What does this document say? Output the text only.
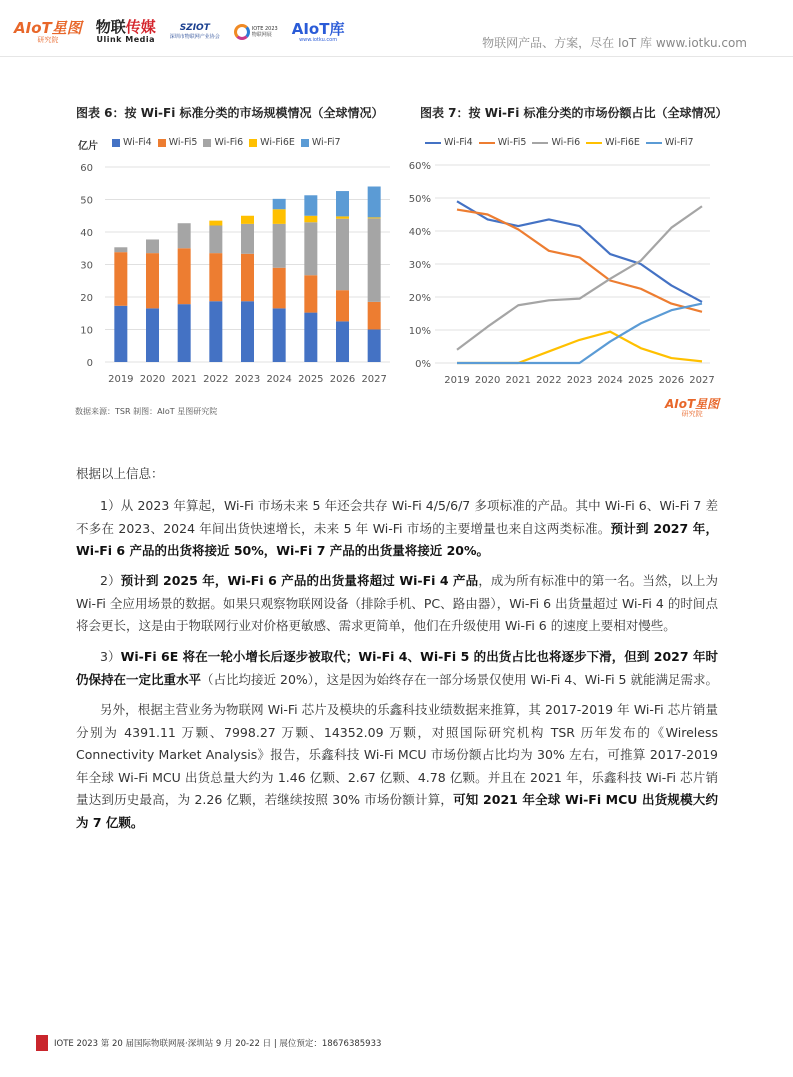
AIoT星图
研究院
物联传媒
Ulink Media
SZIOT
深圳市物联网产业协会
IOTE 2023
物联网展	AIoT库
www.iotku.com	物联网产品、方案，尽在 IoT 库 www.iotku.com
图表 6：按 Wi-Fi 标准分类的市场规模情况（全球情况）
亿片	Wi-Fi4 Wi-Fi5 Wi-Fi6 Wi-Fi6E Wi-Fi7
0
10
20
30
40
50
60
2019 2020 2021 2022 2023 2024 2025 2026 2027
图表 7：按 Wi-Fi 标准分类的市场份额占比（全球情况）
Wi-Fi4	Wi-Fi5	Wi-Fi6	Wi-Fi6E	Wi-Fi7
0%
10%
20%
30%
40%
50%
60%
2019 2020 2021 2022 2023 2024 2025 2026 2027
数据来源：TSR 制图：AIoT 星图研究院
AIoT星图
研究院
根据以上信息：
1）从 2023 年算起，Wi-Fi 市场未来 5 年还会共存 Wi-Fi 4/5/6/7 多项标准的产品。其中 Wi-Fi 6、Wi-Fi 7 差不多在 2023、2024 年间出货快速增长，未来 5 年 Wi-Fi 市场的主要增量也来自这两类标准。预计到 2027 年，Wi-Fi 6 产品的出货将接近 50%，Wi-Fi 7 产品的出货量将接近 20%。
2）预计到 2025 年，Wi-Fi 6 产品的出货量将超过 Wi-Fi 4 产品，成为所有标准中的第一名。当然，以上为 Wi-Fi 全应用场景的数据。如果只观察物联网设备（排除手机、PC、路由器），Wi-Fi 6 出货量超过 Wi-Fi 4 的时间点将会更长，这是由于物联网行业对价格更敏感、需求更简单，他们在升级使用 Wi-Fi 6 的速度上要相对慢些。
3）Wi-Fi 6E 将在一轮小增长后逐步被取代；Wi-Fi 4、Wi-Fi 5 的出货占比也将逐步下滑，但到 2027 年时仍保持在一定比重水平（占比均接近 20%），这是因为始终存在一部分场景仅使用 Wi-Fi 4、Wi-Fi 5 就能满足需求。
另外，根据主营业务为物联网 Wi-Fi 芯片及模块的乐鑫科技业绩数据来推算，其 2017-2019 年 Wi-Fi 芯片销量分别为 4391.11 万颗、7998.27 万颗、14352.09 万颗，对照国际研究机构 TSR 历年发布的《Wireless Connectivity Market Analysis》报告，乐鑫科技 Wi-Fi MCU 市场份额占比均为 30% 左右，可推算 2017-2019 年全球 Wi-Fi MCU 出货总量大约为 1.46 亿颗、2.67 亿颗、4.78 亿颗。并且在 2021 年，乐鑫科技 Wi-Fi 芯片销量达到历史最高，为 2.26 亿颗，若继续按照 30% 市场份额计算，可知 2021 年全球 Wi-Fi MCU 出货规模大约为 7 亿颗。
IOTE 2023 第 20 届国际物联网展·深圳站 9 月 20-22 日 | 展位预定：18676385933
